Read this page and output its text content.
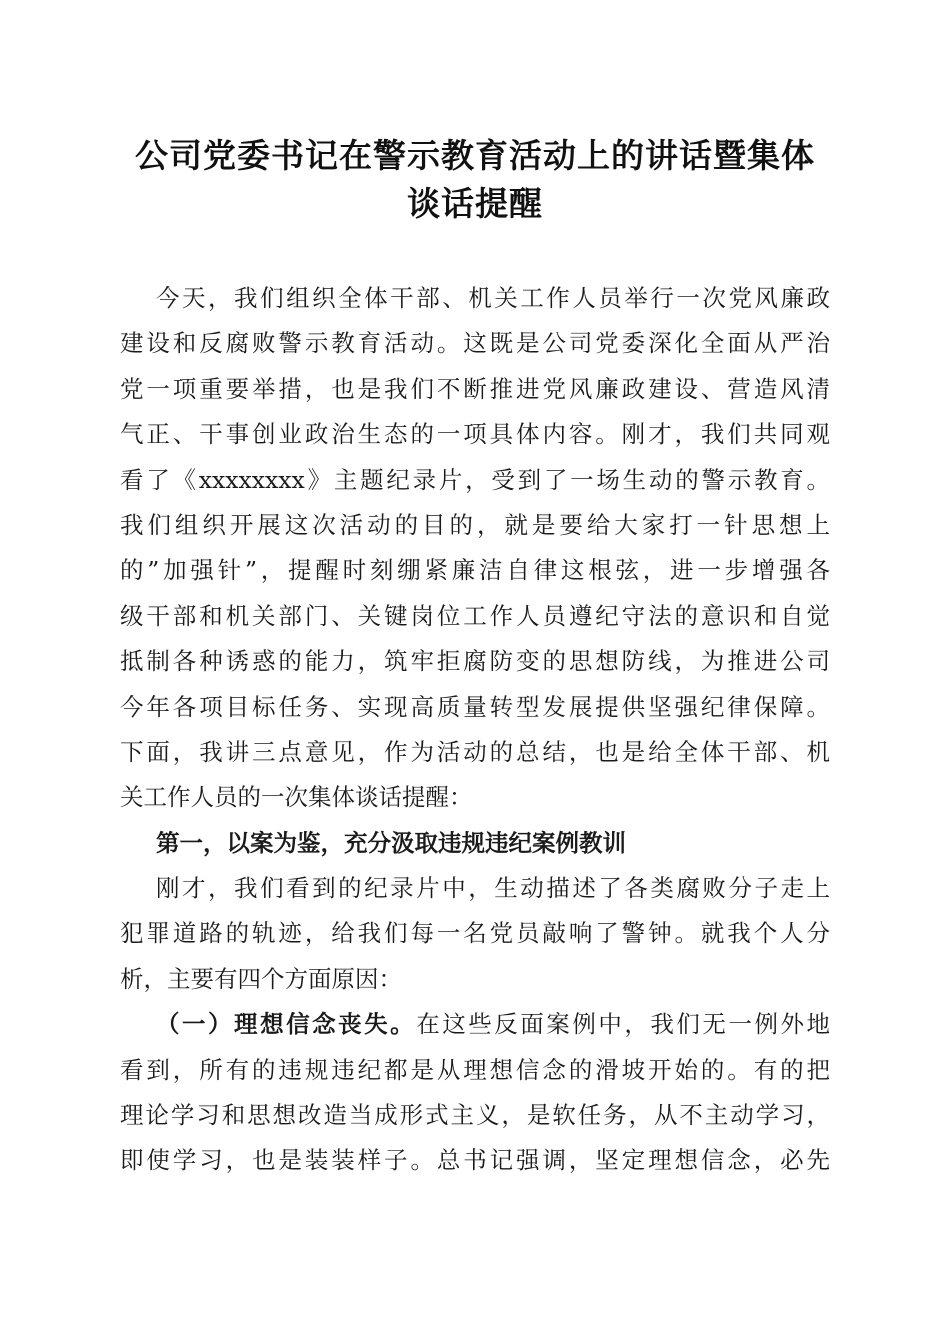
公司党委书记在警示教育活动上的讲话暨集体
谈话提醒
今天，我们组织全体干部、机关工作人员举行一次党风廉政
建设和反腐败警示教育活动。这既是公司党委深化全面从严治
党一项重要举措，也是我们不断推进党风廉政建设、营造风清
气正、干事创业政治生态的一项具体内容。刚才，我们共同观
看了《xxxxxxxx》主题纪录片，受到了一场生动的警示教育。
我们组织开展这次活动的目的，就是要给大家打一针思想上
的”加强针”，提醒时刻绷紧廉洁自律这根弦，进一步增强各
级干部和机关部门、关键岗位工作人员遵纪守法的意识和自觉
抵制各种诱惑的能力，筑牢拒腐防变的思想防线，为推进公司
今年各项目标任务、实现高质量转型发展提供坚强纪律保障。
下面，我讲三点意见，作为活动的总结，也是给全体干部、机
关工作人员的一次集体谈话提醒：
第一，以案为鉴，充分汲取违规违纪案例教训
刚才，我们看到的纪录片中，生动描述了各类腐败分子走上
犯罪道路的轨迹，给我们每一名党员敲响了警钟。就我个人分
析，主要有四个方面原因：
（一）理想信念丧失。在这些反面案例中，我们无一例外地
看到，所有的违规违纪都是从理想信念的滑坡开始的。有的把
理论学习和思想改造当成形式主义，是软任务，从不主动学习，
即使学习，也是装装样子。总书记强调，坚定理想信念，必先
